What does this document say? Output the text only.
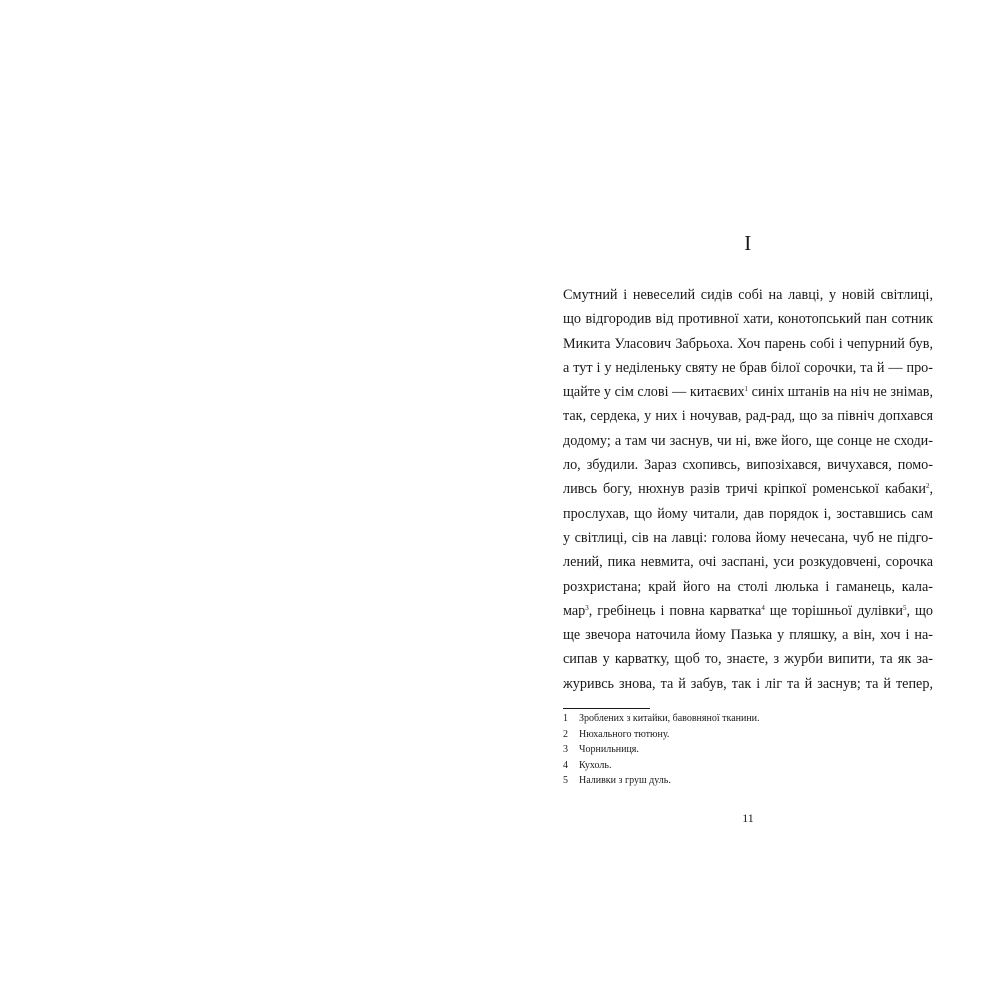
I
Смутний і невеселий сидів собі на лавці, у новій світлиці,
що відгородив від противної хати, конотопський пан сотник
Микита Уласович Забрьоха. Хоч парень собі і чепурний був,
а тут і у неділеньку святу не брав білої сорочки, та й — про-
щайте у сім слові — китаєвих$^1$ синіх штанів на ніч не знімав,
так, сердека, у них і ночував, рад-рад, що за північ допхався
додому; а там чи заснув, чи ні, вже його, ще сонце не сходи-
ло, збудили. Зараз схопивсь, випозіхався, вичухався, помо-
ливсь богу, нюхнув разів тричі кріпкої роменської кабаки$^2$,
прослухав, що йому читали, дав порядок і, зоставшись сам
у світлиці, сів на лавці: голова йому нечесана, чуб не підго-
лений, пика невмита, очі заспані, уси розкудовчені, сорочка
розхристана; край його на столі люлька і гаманець, кала-
мар$^3$, гребінець і повна карватка$^4$ ще торішньої дулівки$^5$, що
ще звечора наточила йому Пазька у пляшку, а він, хоч і на-
сипав у карватку, щоб то, знаєте, з журби випити, та як за-
журивсь знова, та й забув, так і ліг та й заснув; та й тепер,
1 Зроблених з китайки, бавовняної тканини.
2 Нюхального тютюну.
3 Чорнильниця.
4 Кухоль.
5 Наливки з груш дуль.
11
